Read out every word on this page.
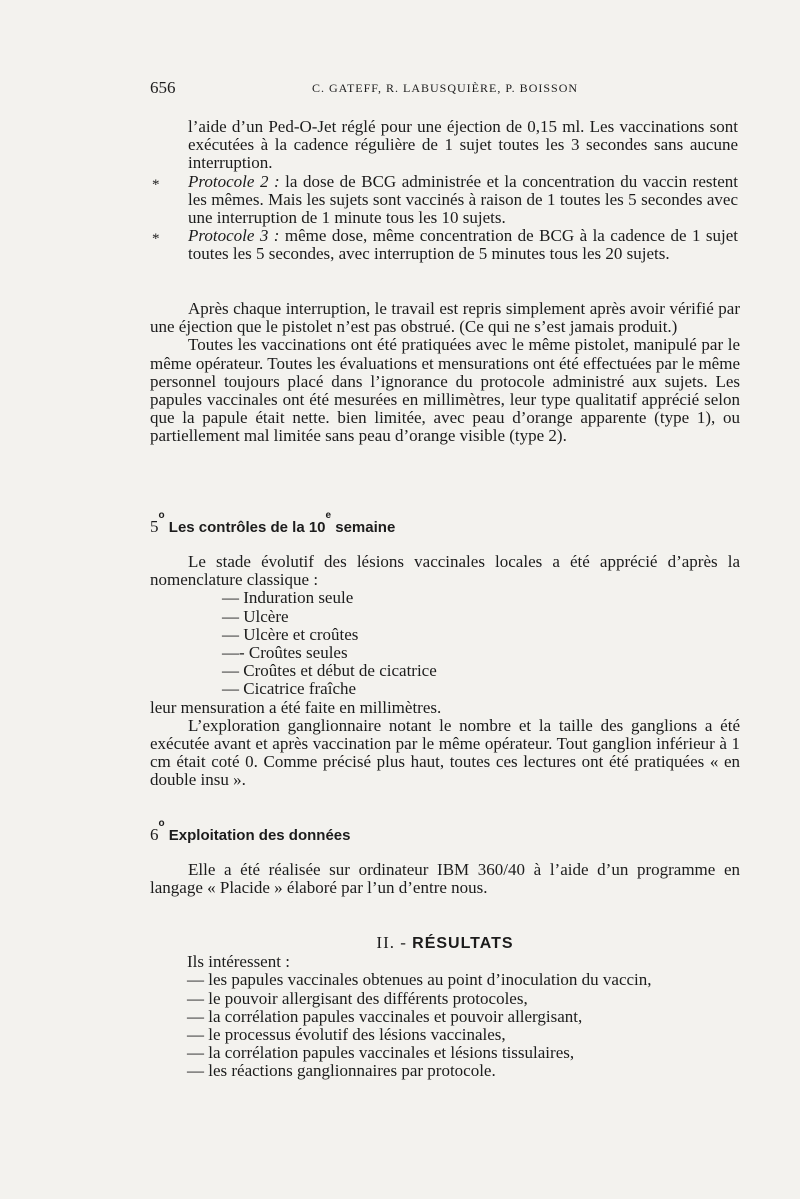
656	C. GATEFF, R. LABUSQUIÈRE, P. BOISSON

l’aide d’un Ped-O-Jet réglé pour une éjection de 0,15 ml. Les vaccinations sont exécutées à la cadence régulière de 1 sujet toutes les 3 secondes sans aucune interruption.

* Protocole 2 : la dose de BCG administrée et la concentration du vaccin restent les mêmes. Mais les sujets sont vaccinés à raison de 1 toutes les 5 secondes avec une interruption de 1 minute tous les 10 sujets.

* Protocole 3 : même dose, même concentration de BCG à la cadence de 1 sujet toutes les 5 secondes, avec interruption de 5 minutes tous les 20 sujets.

Après chaque interruption, le travail est repris simplement après avoir vérifié par une éjection que le pistolet n’est pas obstrué. (Ce qui ne s’est jamais produit.)

Toutes les vaccinations ont été pratiquées avec le même pistolet, manipulé par le même opérateur. Toutes les évaluations et mensurations ont été effectuées par le même personnel toujours placé dans l’ignorance du protocole administré aux sujets. Les papules vaccinales ont été mesurées en millimètres, leur type qualitatif apprécié selon que la papule était nette. bien limitée, avec peau d’orange apparente (type 1), ou partiellement mal limitée sans peau d’orange visible (type 2).

5$^o$ Les contrôles de la 10e semaine

Le stade évolutif des lésions vaccinales locales a été apprécié d’après la nomenclature classique :

— Induration seule
— Ulcère
— Ulcère et croûtes
—- Croûtes seules
— Croûtes et début de cicatrice
— Cicatrice fraîche

leur mensuration a été faite en millimètres.

L’exploration ganglionnaire notant le nombre et la taille des ganglions a été exécutée avant et après vaccination par le même opérateur. Tout ganglion inférieur à 1 cm était coté 0. Comme précisé plus haut, toutes ces lectures ont été pratiquées « en double insu ».

6$^o$ Exploitation des données

Elle a été réalisée sur ordinateur IBM 360/40 à l’aide d’un programme en langage « Placide » élaboré par l’un d’entre nous.

II. - RÉSULTATS

Ils intéressent :

— les papules vaccinales obtenues au point d’inoculation du vaccin,
— le pouvoir allergisant des différents protocoles,
— la corrélation papules vaccinales et pouvoir allergisant,
— le processus évolutif des lésions vaccinales,
— la corrélation papules vaccinales et lésions tissulaires,
— les réactions ganglionnaires par protocole.
